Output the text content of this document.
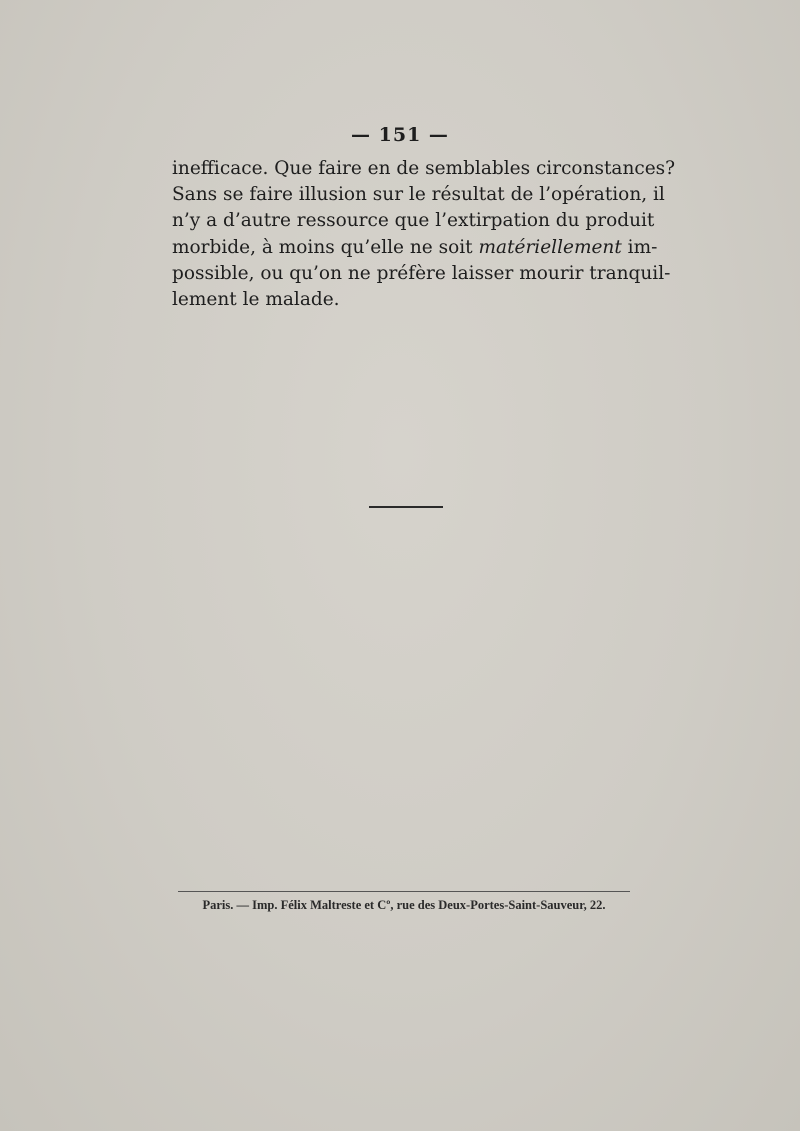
— 151 —
inefficace. Que faire en de semblables circonstances?
Sans se faire illusion sur le résultat de l’opération, il
n’y a d’autre ressource que l’extirpation du produit
morbide, à moins qu’elle ne soit matériellement im-
possible, ou qu’on ne préfère laisser mourir tranquil-
lement le malade.
Paris. — Imp. Félix Maltreste et Cº, rue des Deux-Portes-Saint-Sauveur, 22.
